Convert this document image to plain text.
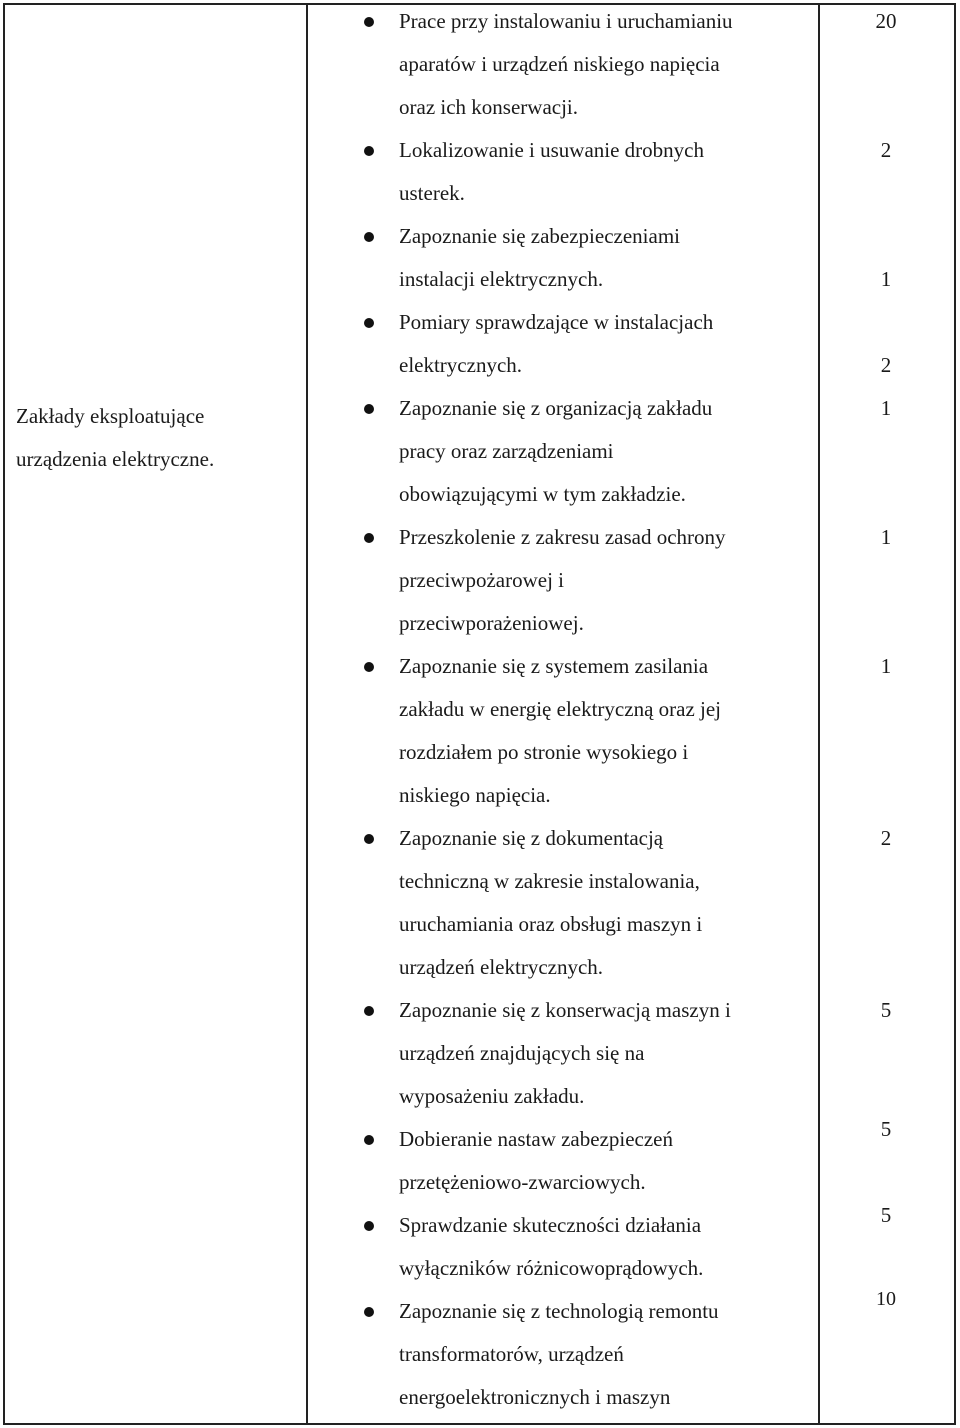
Zakłady eksploatujące
urządzenia elektryczne.
Prace przy instalowaniu i uruchamianiu
aparatów i urządzeń niskiego napięcia
oraz ich konserwacji.
20
Lokalizowanie i usuwanie drobnych
usterek.
2
Zapoznanie się zabezpieczeniami
instalacji elektrycznych.	1
Pomiary sprawdzające w instalacjach
elektrycznych.	2
Zapoznanie się z organizacją zakładu
pracy oraz zarządzeniami
obowiązującymi w tym zakładzie.
1
Przeszkolenie z zakresu zasad ochrony
przeciwpożarowej i
przeciwporażeniowej.
1
Zapoznanie się z systemem zasilania
zakładu w energię elektryczną oraz jej
rozdziałem po stronie wysokiego i
niskiego napięcia.
1
Zapoznanie się z dokumentacją
techniczną w zakresie instalowania,
uruchamiania oraz obsługi maszyn i
urządzeń elektrycznych.
2
Zapoznanie się z konserwacją maszyn i
urządzeń znajdujących się na
wyposażeniu zakładu.
5
Dobieranie nastaw zabezpieczeń
przetężeniowo-zwarciowych.
5
Sprawdzanie skuteczności działania
wyłączników różnicowoprądowych.
5
Zapoznanie się z technologią remontu
transformatorów, urządzeń
energoelektronicznych i maszyn
10
